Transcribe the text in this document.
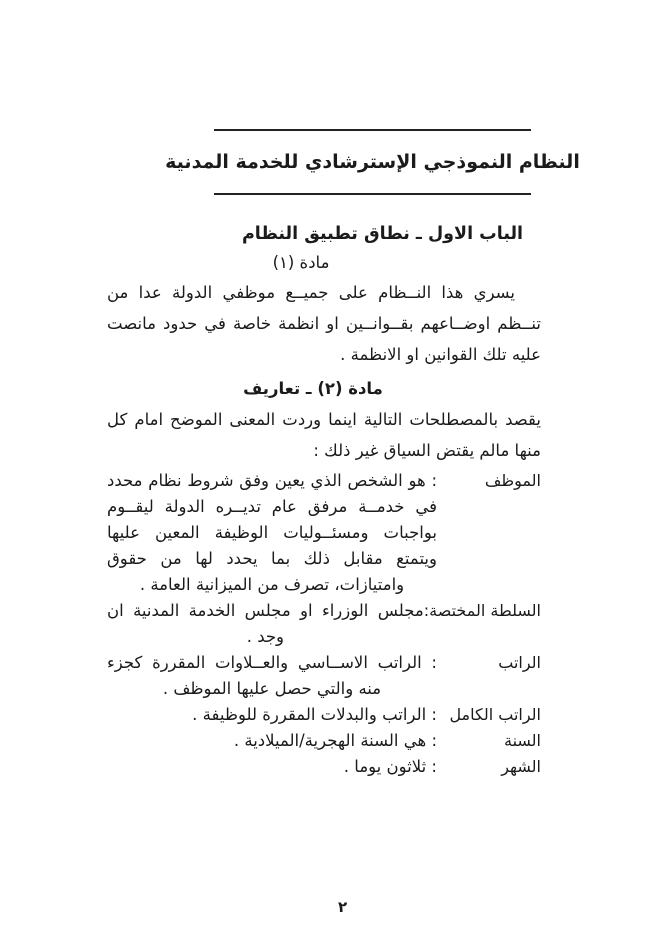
النظام النموذجي الإسترشادي للخدمة المدنية
الباب الاول ـ نطاق تطبيق النظام
مادة (١)
يسري هذا النــظام على جميــع موظفي الدولة عدا من تنــظم اوضــاعهم بقــوانــين او انظمة خاصة في حدود مانصت عليه تلك القوانين او الانظمة .
مادة (٢) ـ تعاريف
يقصد بالمصطلحات التالية اينما وردت المعنى الموضح امام كل منها مالم يقتض السياق غير ذلك :
الموظف
: هو الشخص الذي يعين وفق شروط نظام محدد في خدمــة مرفق عام تديــره الدولة ليقــوم بواجبات ومسئــوليات الوظيفة المعين عليها ويتمتع مقابل ذلك بما يحدد لها من حقوق وامتيازات، تصرف من الميزانية العامة .
السلطة المختصة:
مجلس الوزراء او مجلس الخدمة المدنية ان وجد .
الراتب
: الراتب الاســاسي والعــلاوات المقررة كجزء منه والتي حصل عليها الموظف .
الراتب الكامل
: الراتب والبدلات المقررة للوظيفة .
السنة
: هي السنة الهجرية/الميلادية .
الشهر
: ثلاثون يوما .
٢
